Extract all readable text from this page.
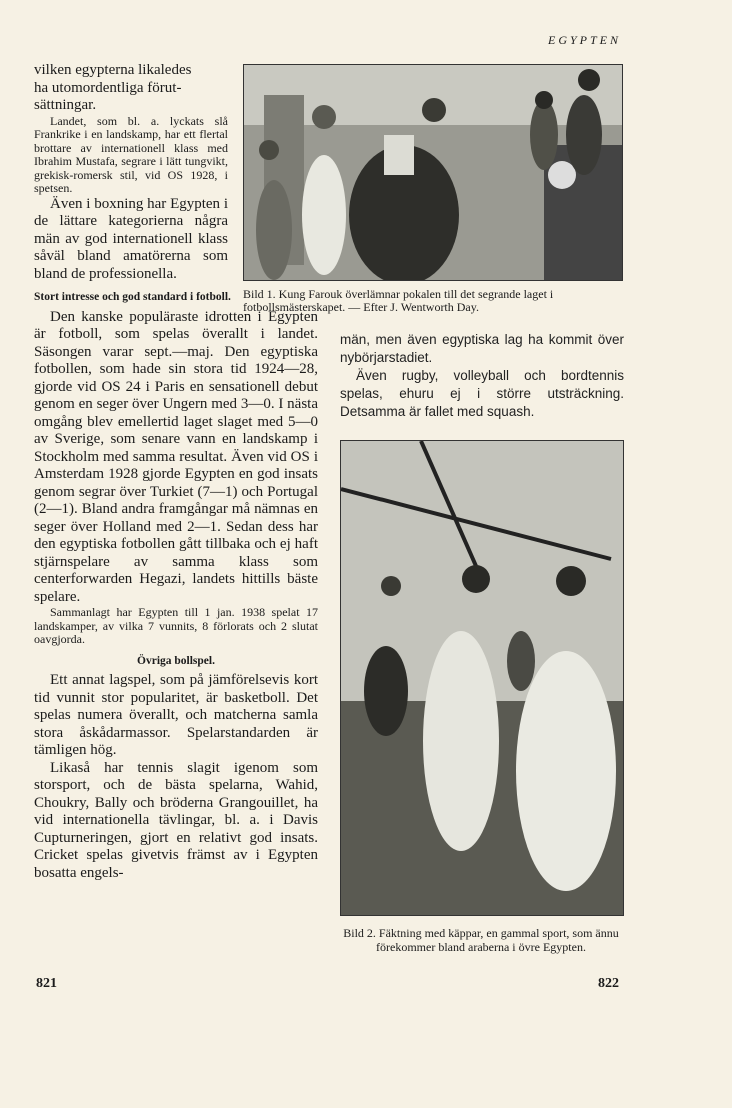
EGYPTEN
Bild 1. Kung Farouk överlämnar pokalen till det segrande laget i fotbollsmästerskapet. — Efter J. Wentworth Day.

vilken egypterna likaledes

ha utomordentliga förut-

sättningar.

Landet, som bl. a. lyckats slå Frankrike i en landskamp, har ett flertal brottare av internationell klass med Ibrahim Mustafa, segrare i lätt tungvikt, grekisk-romersk stil, vid OS 1928, i spetsen.

Även i boxning har Egypten i de lättare kategorierna några män av god internationell klass såväl bland amatörerna som bland de professionella.

Stort intresse och god standard i fotboll.

Den kanske populäraste idrotten i Egypten är fotboll, som spelas överallt i landet. Säsongen varar sept.—maj. Den egyptiska fotbollen, som hade sin stora tid 1924—28, gjorde vid OS 24 i Paris en sensationell debut genom en seger över Ungern med 3—0. I nästa omgång blev emellertid laget slaget med 5—0 av Sverige, som senare vann en landskamp i Stockholm med samma resultat. Även vid OS i Amsterdam 1928 gjorde Egypten en god insats genom segrar över Turkiet (7—1) och Portugal (2—1). Bland andra framgångar må nämnas en seger över Holland med 2—1. Sedan dess har den egyptiska fotbollen gått tillbaka och ej haft stjärnspelare av samma klass som centerforwarden Hegazi, landets hittills bäste spelare.

Sammanlagt har Egypten till 1 jan. 1938 spelat 17 landskamper, av vilka 7 vunnits, 8 förlorats och 2 slutat oavgjorda.

Övriga bollspel.

Ett annat lagspel, som på jämförelsevis kort tid vunnit stor popularitet, är basketboll. Det spelas numera överallt, och matcherna samla stora åskådarmassor. Spelarstandarden är tämligen hög.

Likaså har tennis slagit igenom som storsport, och de bästa spelarna, Wahid, Choukry, Bally och bröderna Grangouillet, ha vid internationella tävlingar, bl. a. i Davis Cupturneringen, gjort en relativt god insats. Cricket spelas givetvis främst av i Egypten bosatta engels-

män, men även egyptiska lag ha kommit över nybörjarstadiet.

Även rugby, volleyball och bordtennis spelas, ehuru ej i större utsträckning. Detsamma är fallet med squash.

Bild 2. Fäktning med käppar, en gammal sport, som ännu förekommer bland araberna i övre Egypten.
821	822
